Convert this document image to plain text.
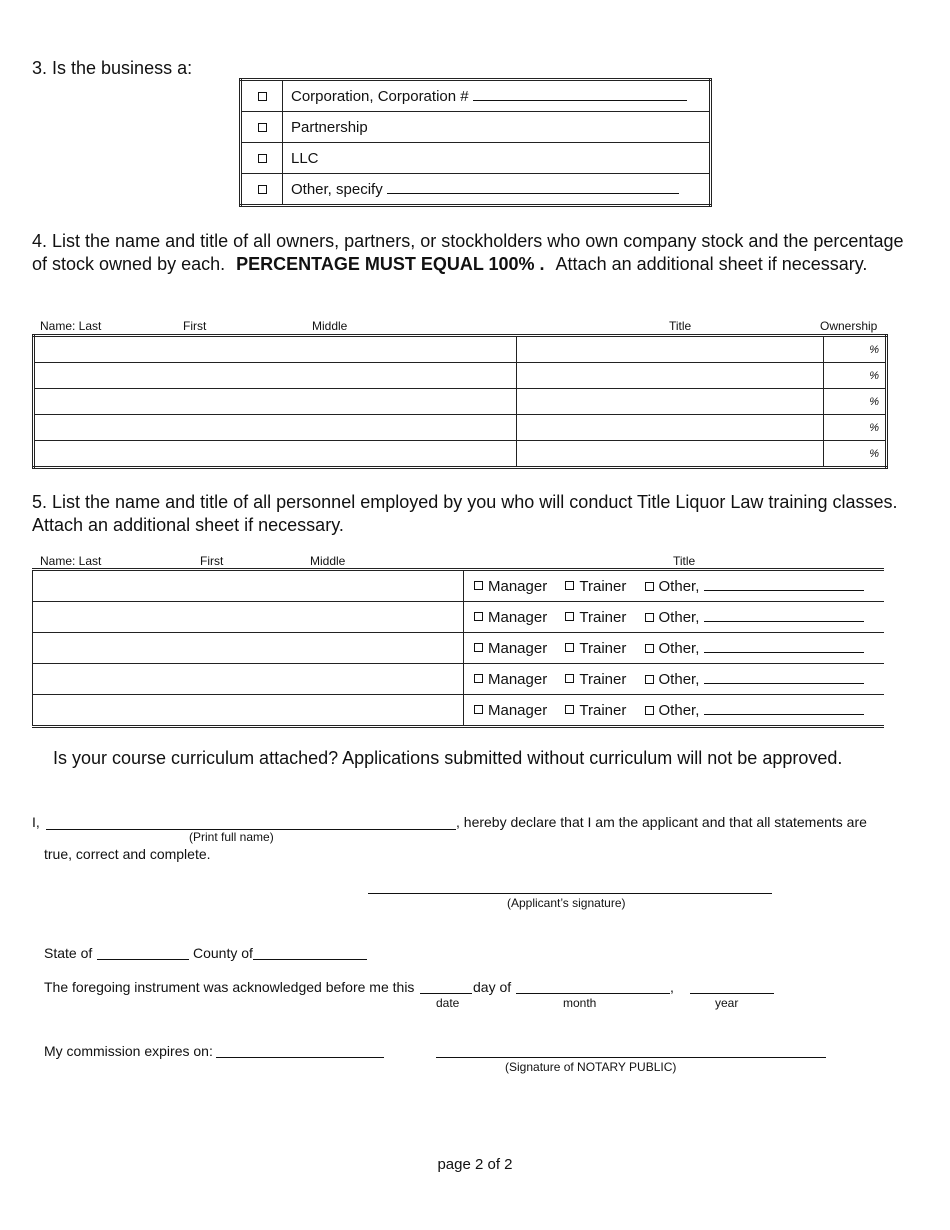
3. Is the business a:
	Corporation, Corporation #
	Partnership
	LLC
	Other, specify
4. List the name and title of all owners, partners, or stockholders who own company stock and the percentage of stock owned by each. PERCENTAGE MUST EQUAL 100% . Attach an additional sheet if necessary.
Name: Last	First	Middle	Title	Ownership
		%
		%
		%
		%
		%
5. List the name and title of all personnel employed by you who will conduct Title Liquor Law training classes. Attach an additional sheet if necessary.
Name: Last	First	Middle	Title
	Manager Trainer Other,
	Manager Trainer Other,
	Manager Trainer Other,
	Manager Trainer Other,
	Manager Trainer Other,
Is your course curriculum attached? Applications submitted without curriculum will not be approved.
I,	, hereby declare that I am the applicant and that all statements are
(Print full name)
true, correct and complete.
(Applicant’s signature)
State of	County of
The foregoing instrument was acknowledged before me this	day of	,
date	month	year
My commission expires on:
(Signature of NOTARY PUBLIC)
page 2 of 2
